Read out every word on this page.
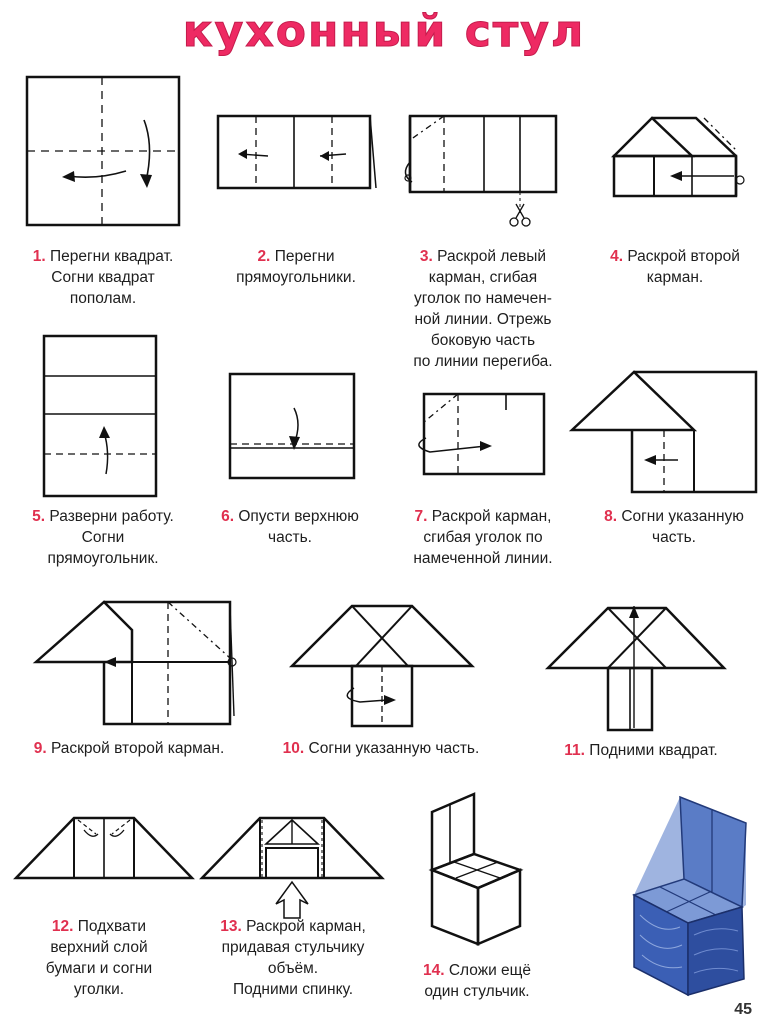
кухонный стул
1. Перегни квадрат.
Согни квадрат
пополам.
2. Перегни
прямоугольники.
3. Раскрой левый
карман, сгибая
уголок по намечен-
ной линии. Отрежь
боковую часть
по линии перегиба.
4. Раскрой второй
карман.
5. Разверни работу.
Согни
прямоугольник.
6. Опусти верхнюю
часть.
7. Раскрой карман,
сгибая уголок по
намеченной линии.
8. Согни указанную
часть.
9. Раскрой второй карман.	10. Согни указанную часть.	11. Подними квадрат.
12. Подхвати
верхний слой
бумаги и согни
уголки.
13. Раскрой карман,
придавая стульчику
объём.
Подними спинку.
14. Сложи ещё
один стульчик.
45
